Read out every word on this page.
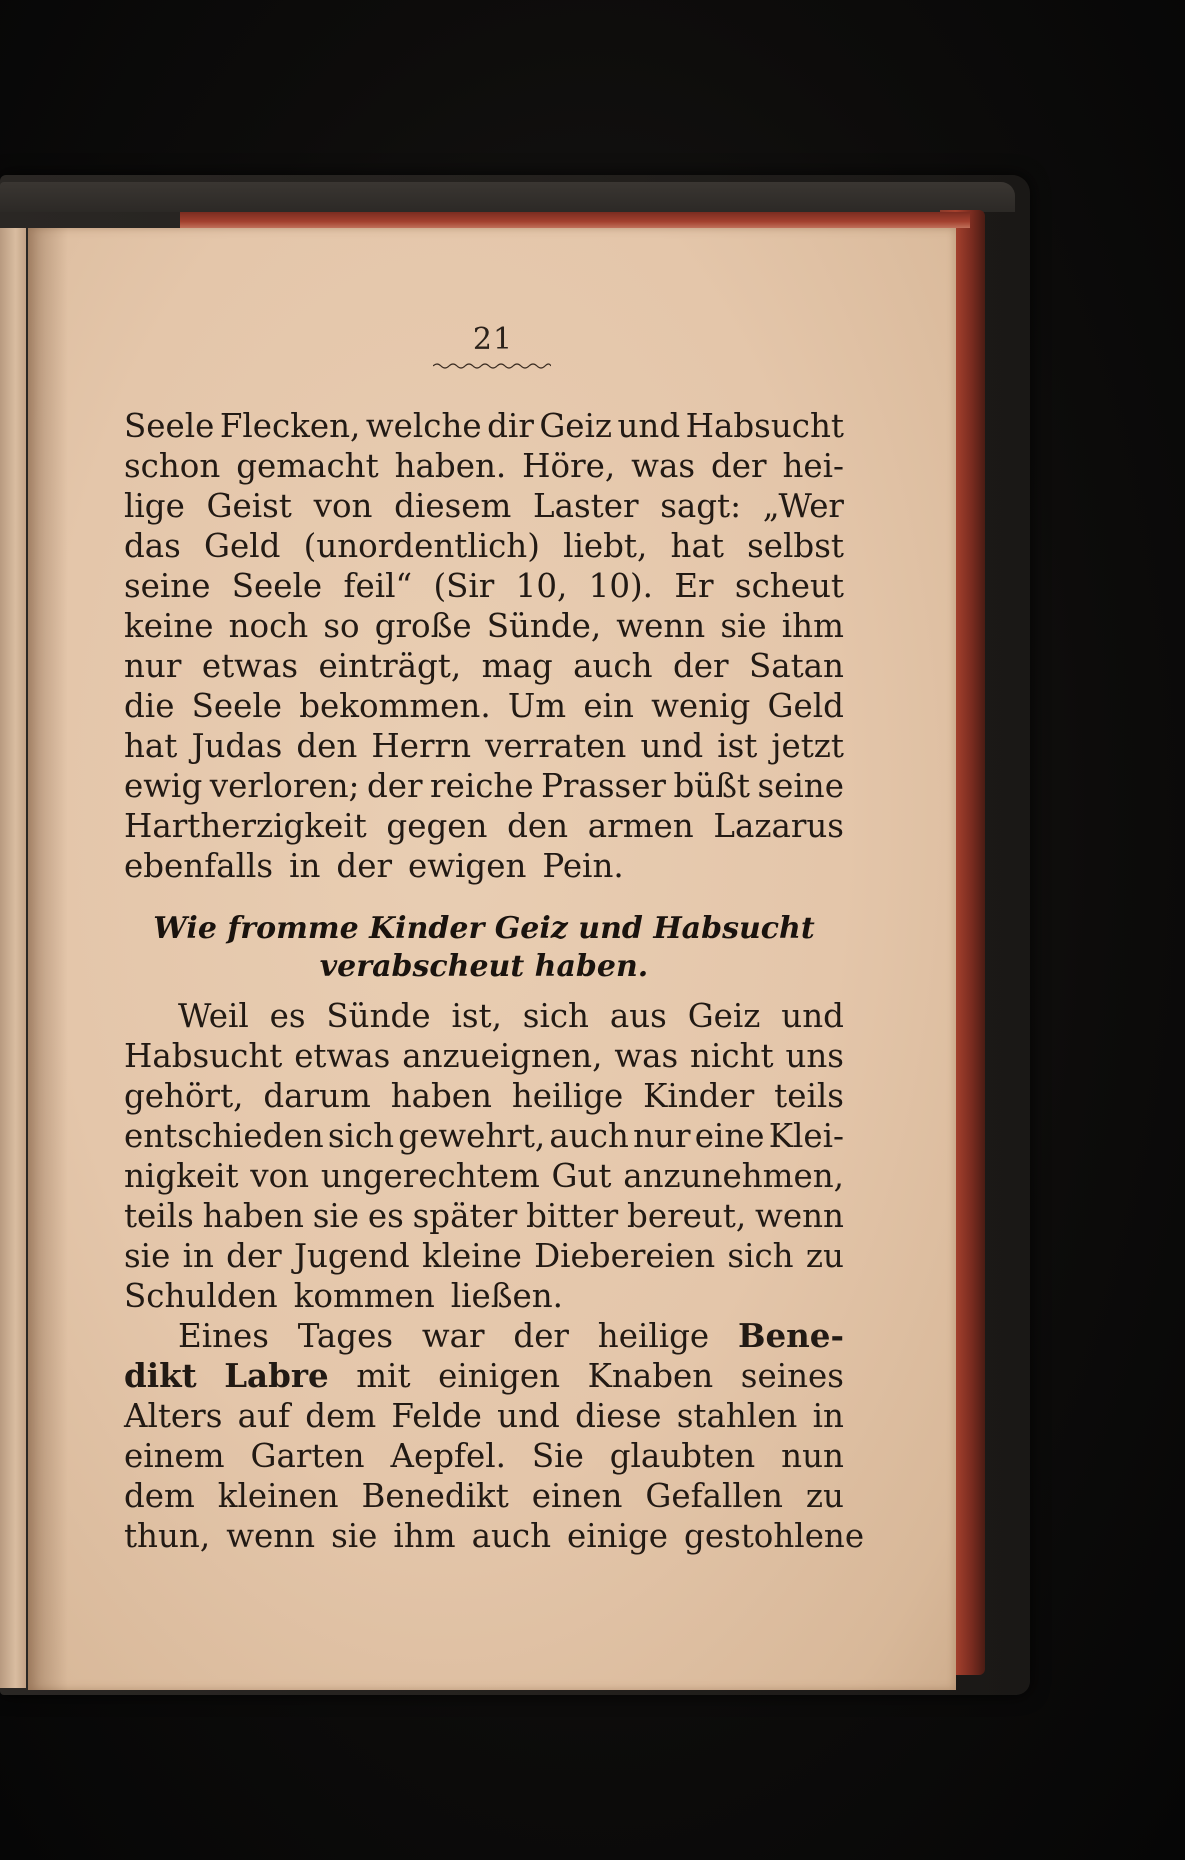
21
Seele Flecken, welche dir Geiz und Habsucht
schon gemacht haben. Höre, was der hei-
lige Geist von diesem Laster sagt: „Wer
das Geld (unordentlich) liebt, hat selbst
seine Seele feil“ (Sir 10, 10). Er scheut
keine noch so große Sünde, wenn sie ihm
nur etwas einträgt, mag auch der Satan
die Seele bekommen. Um ein wenig Geld
hat Judas den Herrn verraten und ist jetzt
ewig verloren; der reiche Prasser büßt seine
Hartherzigkeit gegen den armen Lazarus
ebenfalls in der ewigen Pein.
Wie fromme Kinder Geiz und Habsucht
verabscheut haben.
Weil es Sünde ist, sich aus Geiz und
Habsucht etwas anzueignen, was nicht uns
gehört, darum haben heilige Kinder teils
entschieden sich gewehrt, auch nur eine Klei-
nigkeit von ungerechtem Gut anzunehmen,
teils haben sie es später bitter bereut, wenn
sie in der Jugend kleine Diebereien sich zu
Schulden kommen ließen.
Eines Tages war der heilige Bene-
dikt Labre mit einigen Knaben seines
Alters auf dem Felde und diese stahlen in
einem Garten Aepfel. Sie glaubten nun
dem kleinen Benedikt einen Gefallen zu
thun, wenn sie ihm auch einige gestohlene
